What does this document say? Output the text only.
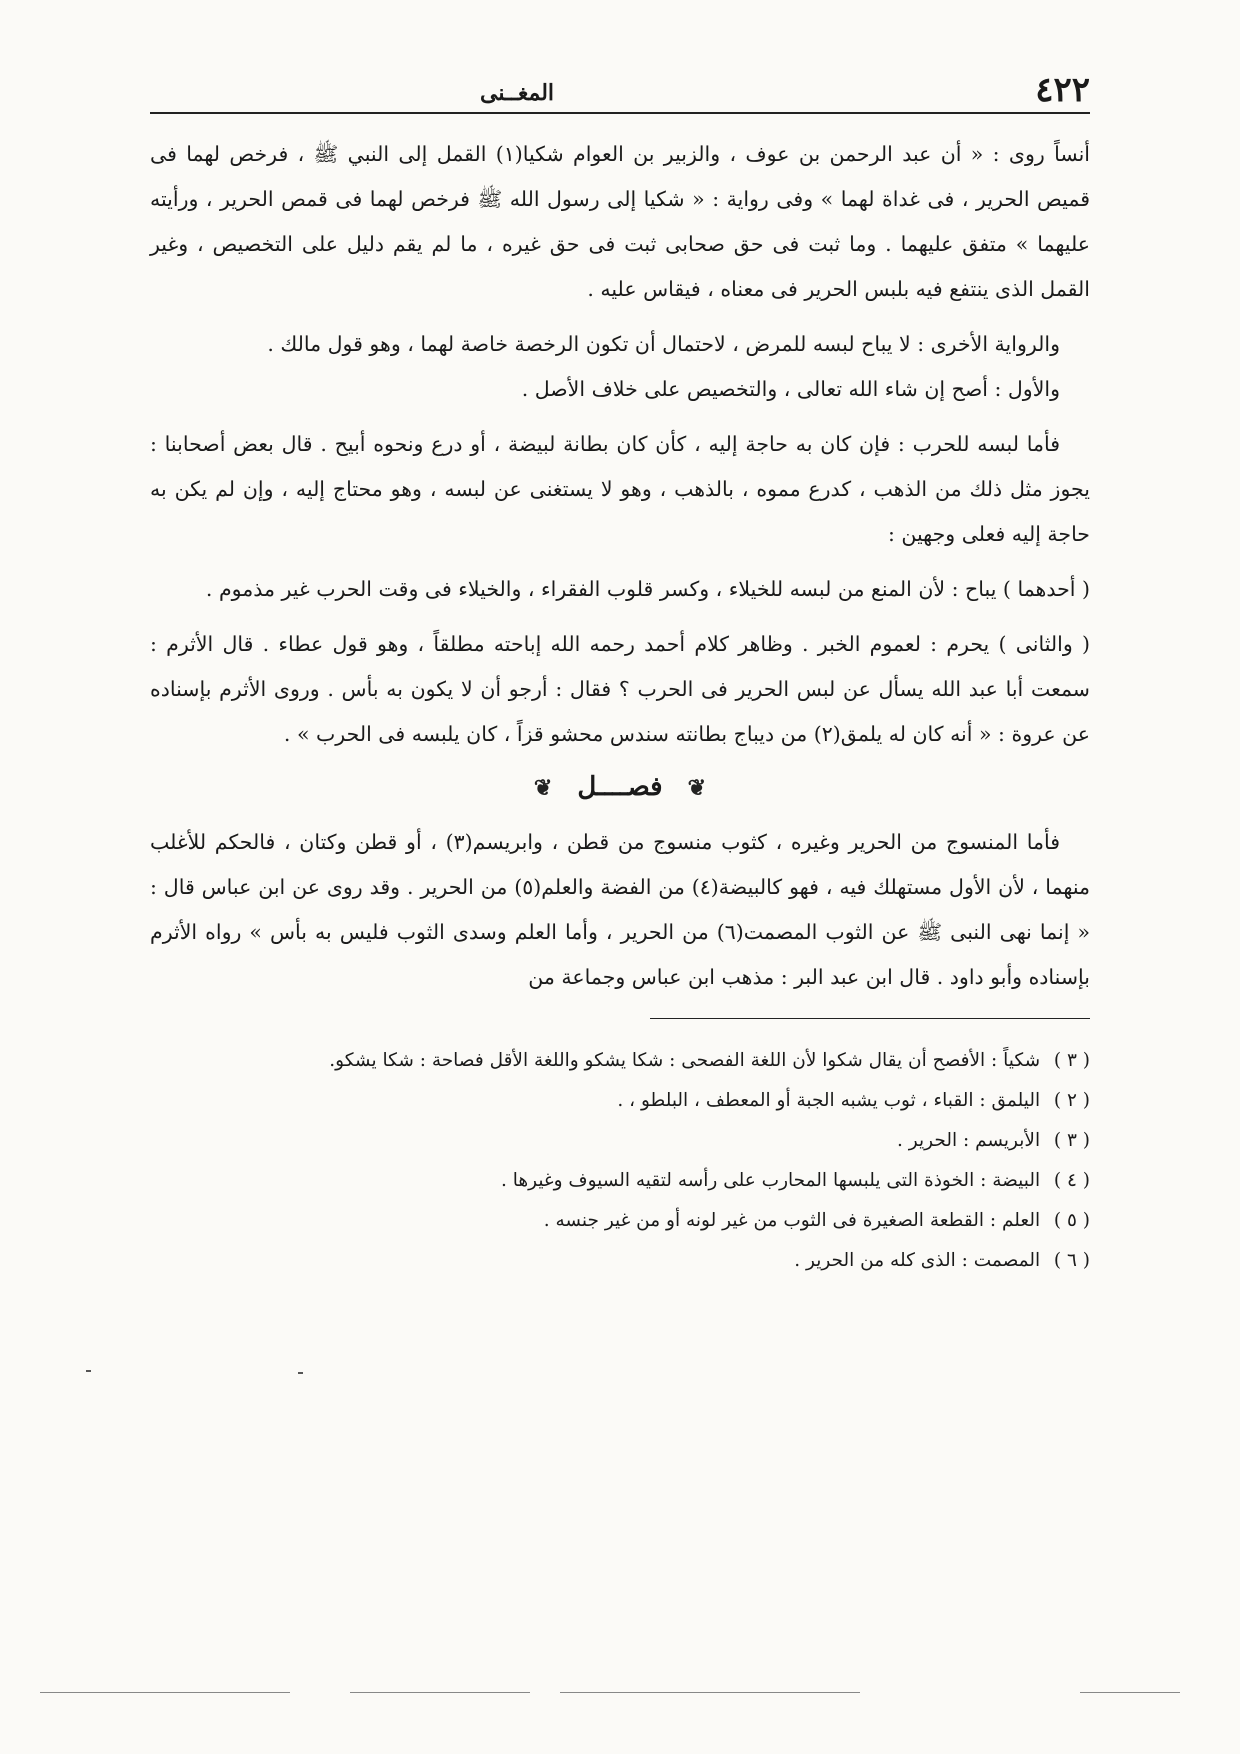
٤٢٢
المغــنى

أنساً روى : « أن عبد الرحمن بن عوف ، والزبير بن العوام شكيا(١) القمل إلى النبي ﷺ ، فرخص لهما فى قميص الحرير ، فى غداة لهما » وفى رواية : « شكيا إلى رسول الله ﷺ فرخص لهما فى قمص الحرير ، ورأيته عليهما » متفق عليهما . وما ثبت فى حق صحابى ثبت فى حق غيره ، ما لم يقم دليل على التخصيص ، وغير القمل الذى ينتفع فيه بلبس الحرير فى معناه ، فيقاس عليه .

والرواية الأخرى : لا يباح لبسه للمرض ، لاحتمال أن تكون الرخصة خاصة لهما ، وهو قول مالك .

والأول : أصح إن شاء الله تعالى ، والتخصيص على خلاف الأصل .

فأما لبسه للحرب : فإن كان به حاجة إليه ، كأن كان بطانة لبيضة ، أو درع ونحوه أبيح . قال بعض أصحابنا : يجوز مثل ذلك من الذهب ، كدرع مموه ، بالذهب ، وهو لا يستغنى عن لبسه ، وهو محتاج إليه ، وإن لم يكن به حاجة إليه فعلى وجهين :

( أحدهما ) يباح : لأن المنع من لبسه للخيلاء ، وكسر قلوب الفقراء ، والخيلاء فى وقت الحرب غير مذموم .

( والثانى ) يحرم : لعموم الخبر . وظاهر كلام أحمد رحمه الله إباحته مطلقاً ، وهو قول عطاء . قال الأثرم : سمعت أبا عبد الله يسأل عن لبس الحرير فى الحرب ؟ فقال : أرجو أن لا يكون به بأس . وروى الأثرم بإسناده عن عروة : « أنه كان له يلمق(٢) من ديباج بطانته سندس محشو قزاً ، كان يلبسه فى الحرب » .

❦ فصــــل ❦

فأما المنسوج من الحرير وغيره ، كثوب منسوج من قطن ، وابريسم(٣) ، أو قطن وكتان ، فالحكم للأغلب منهما ، لأن الأول مستهلك فيه ، فهو كالبيضة(٤) من الفضة والعلم(٥) من الحرير . وقد روى عن ابن عباس قال : « إنما نهى النبى ﷺ عن الثوب المصمت(٦) من الحرير ، وأما العلم وسدى الثوب فليس به بأس » رواه الأثرم بإسناده وأبو داود . قال ابن عبد البر : مذهب ابن عباس وجماعة من

( ٣ ) شكياً : الأفصح أن يقال شكوا لأن اللغة الفصحى : شكا يشكو واللغة الأقل فصاحة : شكا يشكو.

( ٢ ) اليلمق : القباء ، ثوب يشبه الجبة أو المعطف ، البلطو ، .

( ٣ ) الأبريسم : الحرير .

( ٤ ) البيضة : الخوذة التى يلبسها المحارب على رأسه لتقيه السيوف وغيرها .

( ٥ ) العلم : القطعة الصغيرة فى الثوب من غير لونه أو من غير جنسه .

( ٦ ) المصمت : الذى كله من الحرير .
